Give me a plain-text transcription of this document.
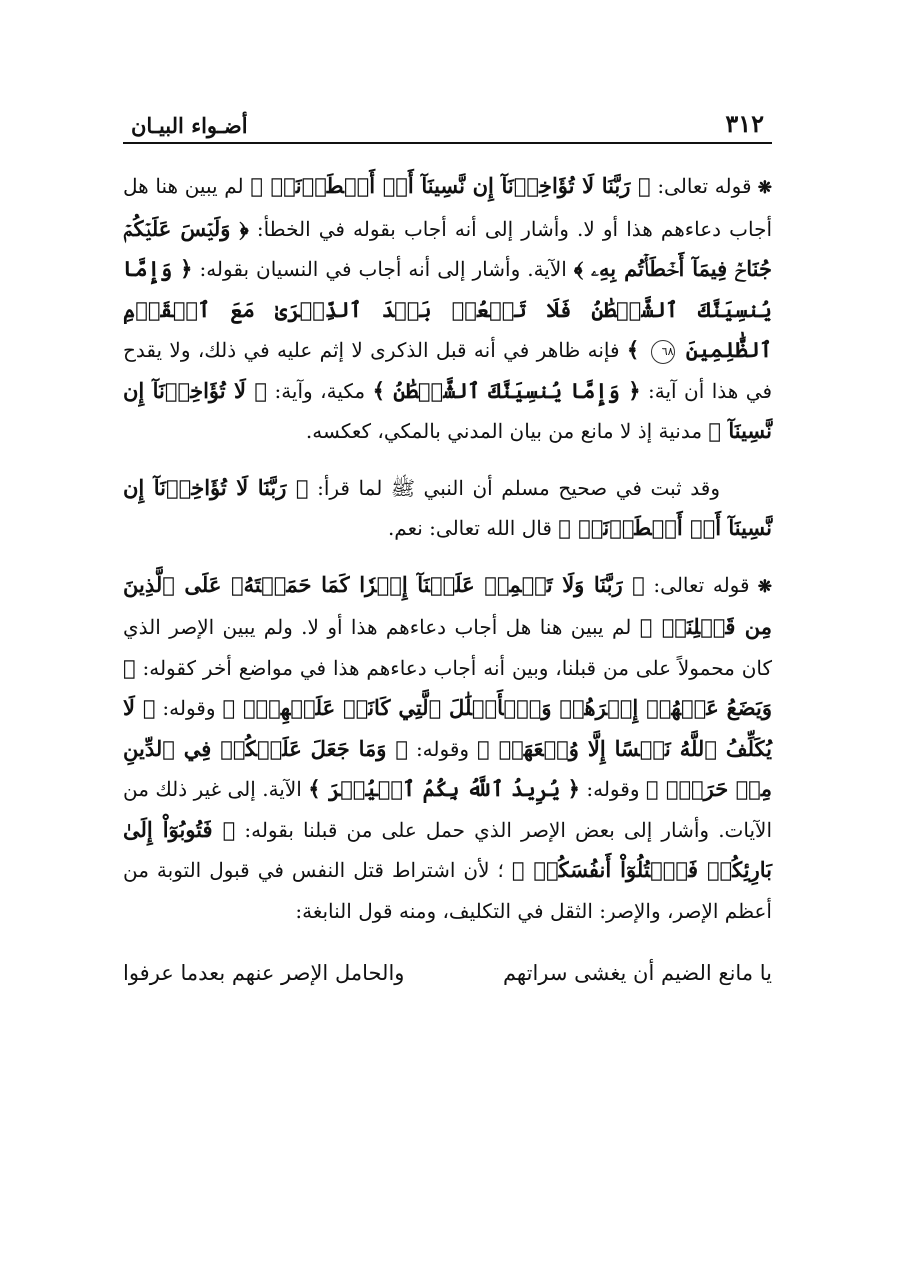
٣١٢
أضـواء البيـان

❋ قوله تعالى: ﴿ رَبَّنَا لَا تُؤَاخِذۡنَآ إِن نَّسِينَآ أَوۡ أَخۡطَأۡنَاۚ ﴾ لم يبين هنا هل أجاب دعاءهم هذا أو لا. وأشار إلى أنه أجاب بقوله في الخطأ: ﴿ وَلَيۡسَ عَلَيۡكُمۡ جُنَاحٞ فِيمَآ أَخۡطَأۡتُم بِهِۦ ﴾ الآية. وأشار إلى أنه أجاب في النسيان بقوله: ﴿ وَإِمَّا يُنسِيَنَّكَ ٱلشَّيۡطَٰنُ فَلَا تَقۡعُدۡ بَعۡدَ ٱلذِّكۡرَىٰ مَعَ ٱلۡقَوۡمِ ٱلظَّٰلِمِينَ ٦٨ ﴾ فإنه ظاهر في أنه قبل الذكرى لا إثم عليه في ذلك، ولا يقدح في هذا أن آية: ﴿ وَإِمَّا يُنسِيَنَّكَ ٱلشَّيۡطَٰنُ ﴾ مكية، وآية: ﴿ لَا تُؤَاخِذۡنَآ إِن نَّسِينَآ ﴾ مدنية إذ لا مانع من بيان المدني بالمكي، كعكسه.

وقد ثبت في صحيح مسلم أن النبي ﷺ لما قرأ: ﴿ رَبَّنَا لَا تُؤَاخِذۡنَآ إِن نَّسِينَآ أَوۡ أَخۡطَأۡنَاۚ ﴾ قال الله تعالى: نعم.

❋ قوله تعالى: ﴿ رَبَّنَا وَلَا تَحۡمِلۡ عَلَيۡنَآ إِصۡرٗا كَمَا حَمَلۡتَهُۥ عَلَى ٱلَّذِينَ مِن قَبۡلِنَاۚ ﴾ لم يبين هنا هل أجاب دعاءهم هذا أو لا. ولم يبين الإصر الذي كان محمولاً على من قبلنا، وبين أنه أجاب دعاءهم هذا في مواضع أخر كقوله: ﴿ وَيَضَعُ عَنۡهُمۡ إِصۡرَهُمۡ وَٱلۡأَغۡلَٰلَ ٱلَّتِي كَانَتۡ عَلَيۡهِمۡۚ ﴾ وقوله: ﴿ لَا يُكَلِّفُ ٱللَّهُ نَفۡسًا إِلَّا وُسۡعَهَاۚ ﴾ وقوله: ﴿ وَمَا جَعَلَ عَلَيۡكُمۡ فِي ٱلدِّينِ مِنۡ حَرَجٖۚ ﴾ وقوله: ﴿ يُرِيدُ ٱللَّهُ بِكُمُ ٱلۡيُسۡرَ ﴾ الآية. إلى غير ذلك من الآيات. وأشار إلى بعض الإصر الذي حمل على من قبلنا بقوله: ﴿ فَتُوبُوٓاْ إِلَىٰ بَارِئِكُمۡ فَٱقۡتُلُوٓاْ أَنفُسَكُمۡ ﴾ ؛ لأن اشتراط قتل النفس في قبول التوبة من أعظم الإصر، والإصر: الثقل في التكليف، ومنه قول النابغة:

يا مانع الضيم أن يغشى سراتهم
والحامل الإصر عنهم بعدما عرفوا
